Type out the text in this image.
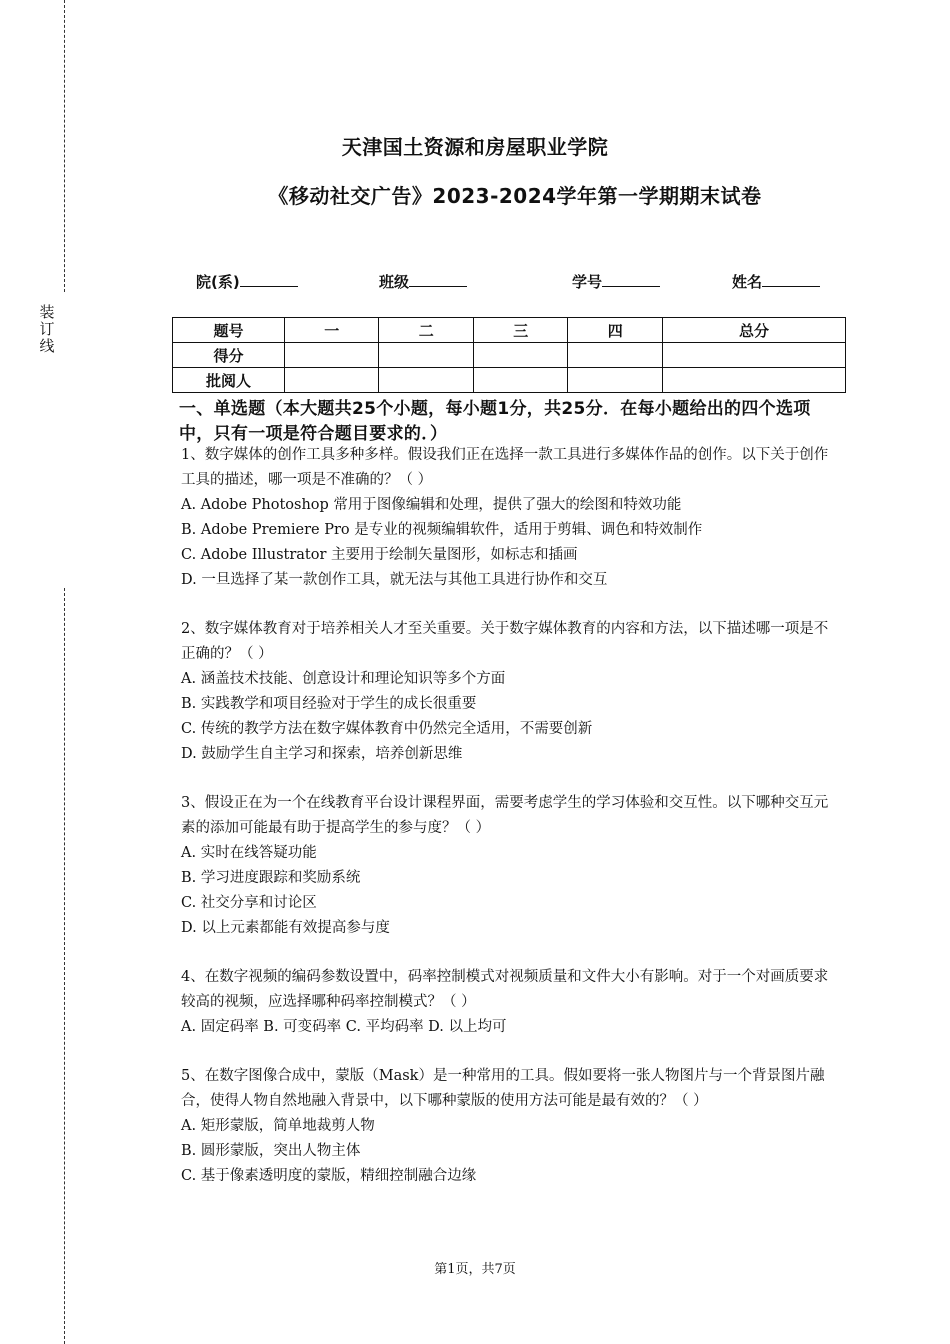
装
订
线
天津国土资源和房屋职业学院
《移动社交广告》2023-2024学年第一学期期末试卷
院(系)	班级	学号	姓名
题号	一	二	三	四	总分
得分					
批阅人					
一、单选题（本大题共25个小题，每小题1分，共25分．在每小题给出的四个选项中，只有一项是符合题目要求的．）

1、数字媒体的创作工具多种多样。假设我们正在选择一款工具进行多媒体作品的创作。以下关于创作工具的描述，哪一项是不准确的？（ ）

A. Adobe Photoshop 常用于图像编辑和处理，提供了强大的绘图和特效功能

B. Adobe Premiere Pro 是专业的视频编辑软件，适用于剪辑、调色和特效制作

C. Adobe Illustrator 主要用于绘制矢量图形，如标志和插画

D. 一旦选择了某一款创作工具，就无法与其他工具进行协作和交互

2、数字媒体教育对于培养相关人才至关重要。关于数字媒体教育的内容和方法，以下描述哪一项是不正确的？（ ）

A. 涵盖技术技能、创意设计和理论知识等多个方面

B. 实践教学和项目经验对于学生的成长很重要

C. 传统的教学方法在数字媒体教育中仍然完全适用，不需要创新

D. 鼓励学生自主学习和探索，培养创新思维

3、假设正在为一个在线教育平台设计课程界面，需要考虑学生的学习体验和交互性。以下哪种交互元素的添加可能最有助于提高学生的参与度？（ ）

A. 实时在线答疑功能

B. 学习进度跟踪和奖励系统

C. 社交分享和讨论区

D. 以上元素都能有效提高参与度

4、在数字视频的编码参数设置中，码率控制模式对视频质量和文件大小有影响。对于一个对画质要求较高的视频，应选择哪种码率控制模式？（ ）

A. 固定码率 B. 可变码率 C. 平均码率 D. 以上均可

5、在数字图像合成中，蒙版（Mask）是一种常用的工具。假如要将一张人物图片与一个背景图片融合，使得人物自然地融入背景中，以下哪种蒙版的使用方法可能是最有效的？（ ）

A. 矩形蒙版，简单地裁剪人物

B. 圆形蒙版，突出人物主体

C. 基于像素透明度的蒙版，精细控制融合边缘

第1页，共7页
